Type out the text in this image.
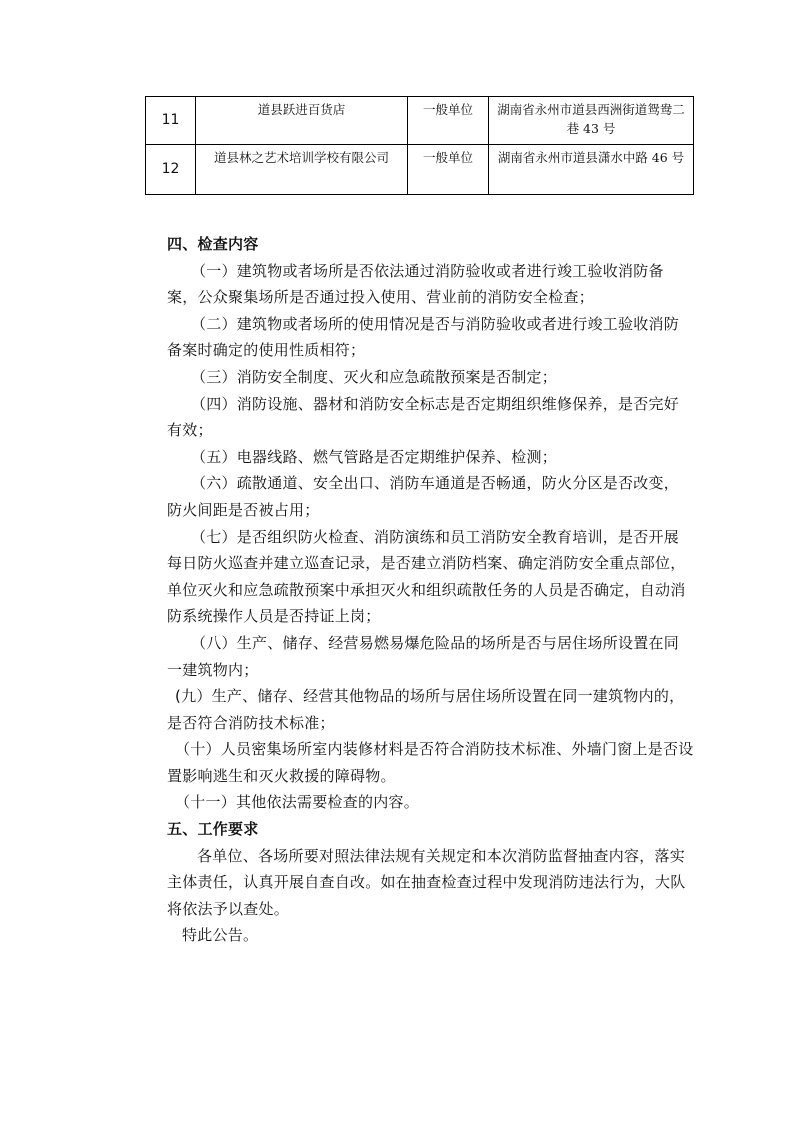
11	道县跃进百货店	一般单位	湖南省永州市道县西洲街道鸳鸯二巷 43 号
12	道县林之艺术培训学校有限公司	一般单位	湖南省永州市道县潇水中路 46 号
四、检查内容

（一）建筑物或者场所是否依法通过消防验收或者进行竣工验收消防备案，公众聚集场所是否通过投入使用、营业前的消防安全检查；

（二）建筑物或者场所的使用情况是否与消防验收或者进行竣工验收消防备案时确定的使用性质相符；

（三）消防安全制度、灭火和应急疏散预案是否制定；

（四）消防设施、器材和消防安全标志是否定期组织维修保养，是否完好有效；

（五）电器线路、燃气管路是否定期维护保养、检测；

（六）疏散通道、安全出口、消防车通道是否畅通，防火分区是否改变，防火间距是否被占用；

（七）是否组织防火检查、消防演练和员工消防安全教育培训，是否开展每日防火巡查并建立巡查记录，是否建立消防档案、确定消防安全重点部位，单位灭火和应急疏散预案中承担灭火和组织疏散任务的人员是否确定，自动消防系统操作人员是否持证上岗；

（八）生产、储存、经营易燃易爆危险品的场所是否与居住场所设置在同一建筑物内；

(九）生产、储存、经营其他物品的场所与居住场所设置在同一建筑物内的，是否符合消防技术标准；

（十）人员密集场所室内装修材料是否符合消防技术标准、外墙门窗上是否设置影响逃生和灭火救援的障碍物。

（十一）其他依法需要检查的内容。

五、工作要求

各单位、各场所要对照法律法规有关规定和本次消防监督抽查内容，落实主体责任，认真开展自查自改。如在抽查检查过程中发现消防违法行为，大队将依法予以查处。

特此公告。
